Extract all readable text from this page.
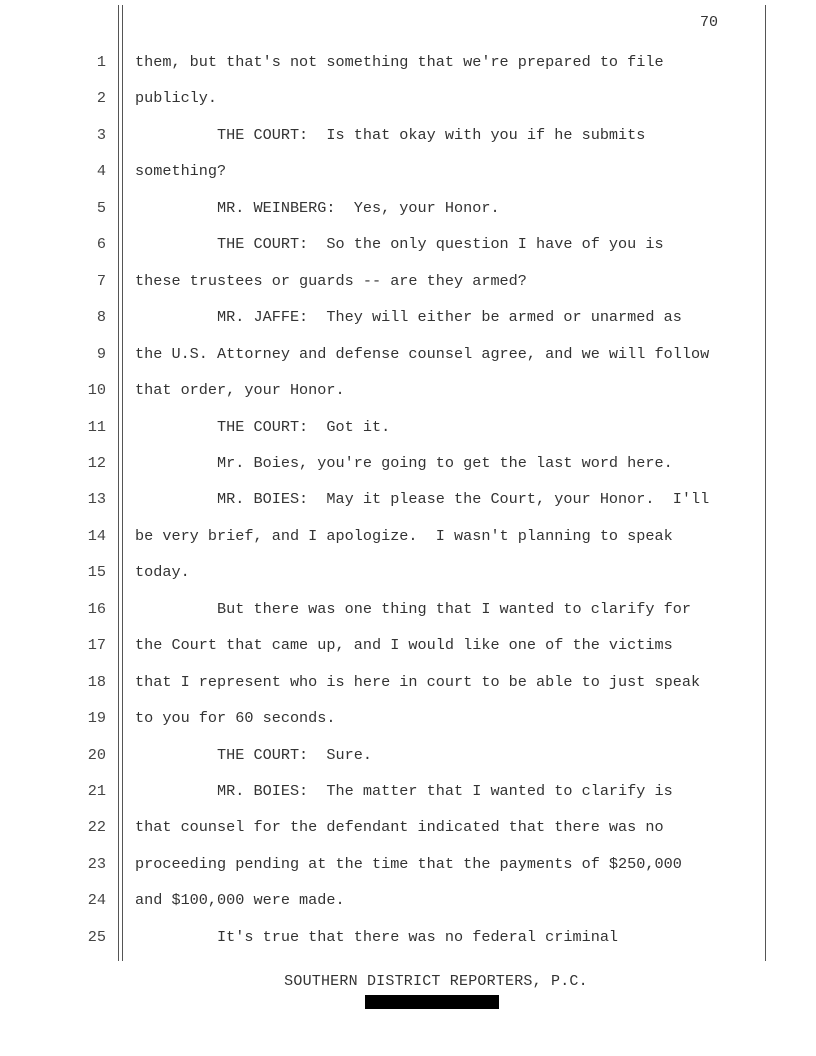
70
1 them, but that's not something that we're prepared to file
2 publicly.
3 THE COURT:  Is that okay with you if he submits
4 something?
5 MR. WEINBERG:  Yes, your Honor.
6 THE COURT:  So the only question I have of you is
7 these trustees or guards -- are they armed?
8 MR. JAFFE:  They will either be armed or unarmed as
9 the U.S. Attorney and defense counsel agree, and we will follow
10 that order, your Honor.
11 THE COURT:  Got it.
12 Mr. Boies, you're going to get the last word here.
13 MR. BOIES:  May it please the Court, your Honor.  I'll
14 be very brief, and I apologize.  I wasn't planning to speak
15 today.
16 But there was one thing that I wanted to clarify for
17 the Court that came up, and I would like one of the victims
18 that I represent who is here in court to be able to just speak
19 to you for 60 seconds.
20 THE COURT:  Sure.
21 MR. BOIES:  The matter that I wanted to clarify is
22 that counsel for the defendant indicated that there was no
23 proceeding pending at the time that the payments of $250,000
24 and $100,000 were made.
25 It's true that there was no federal criminal
SOUTHERN DISTRICT REPORTERS, P.C.
